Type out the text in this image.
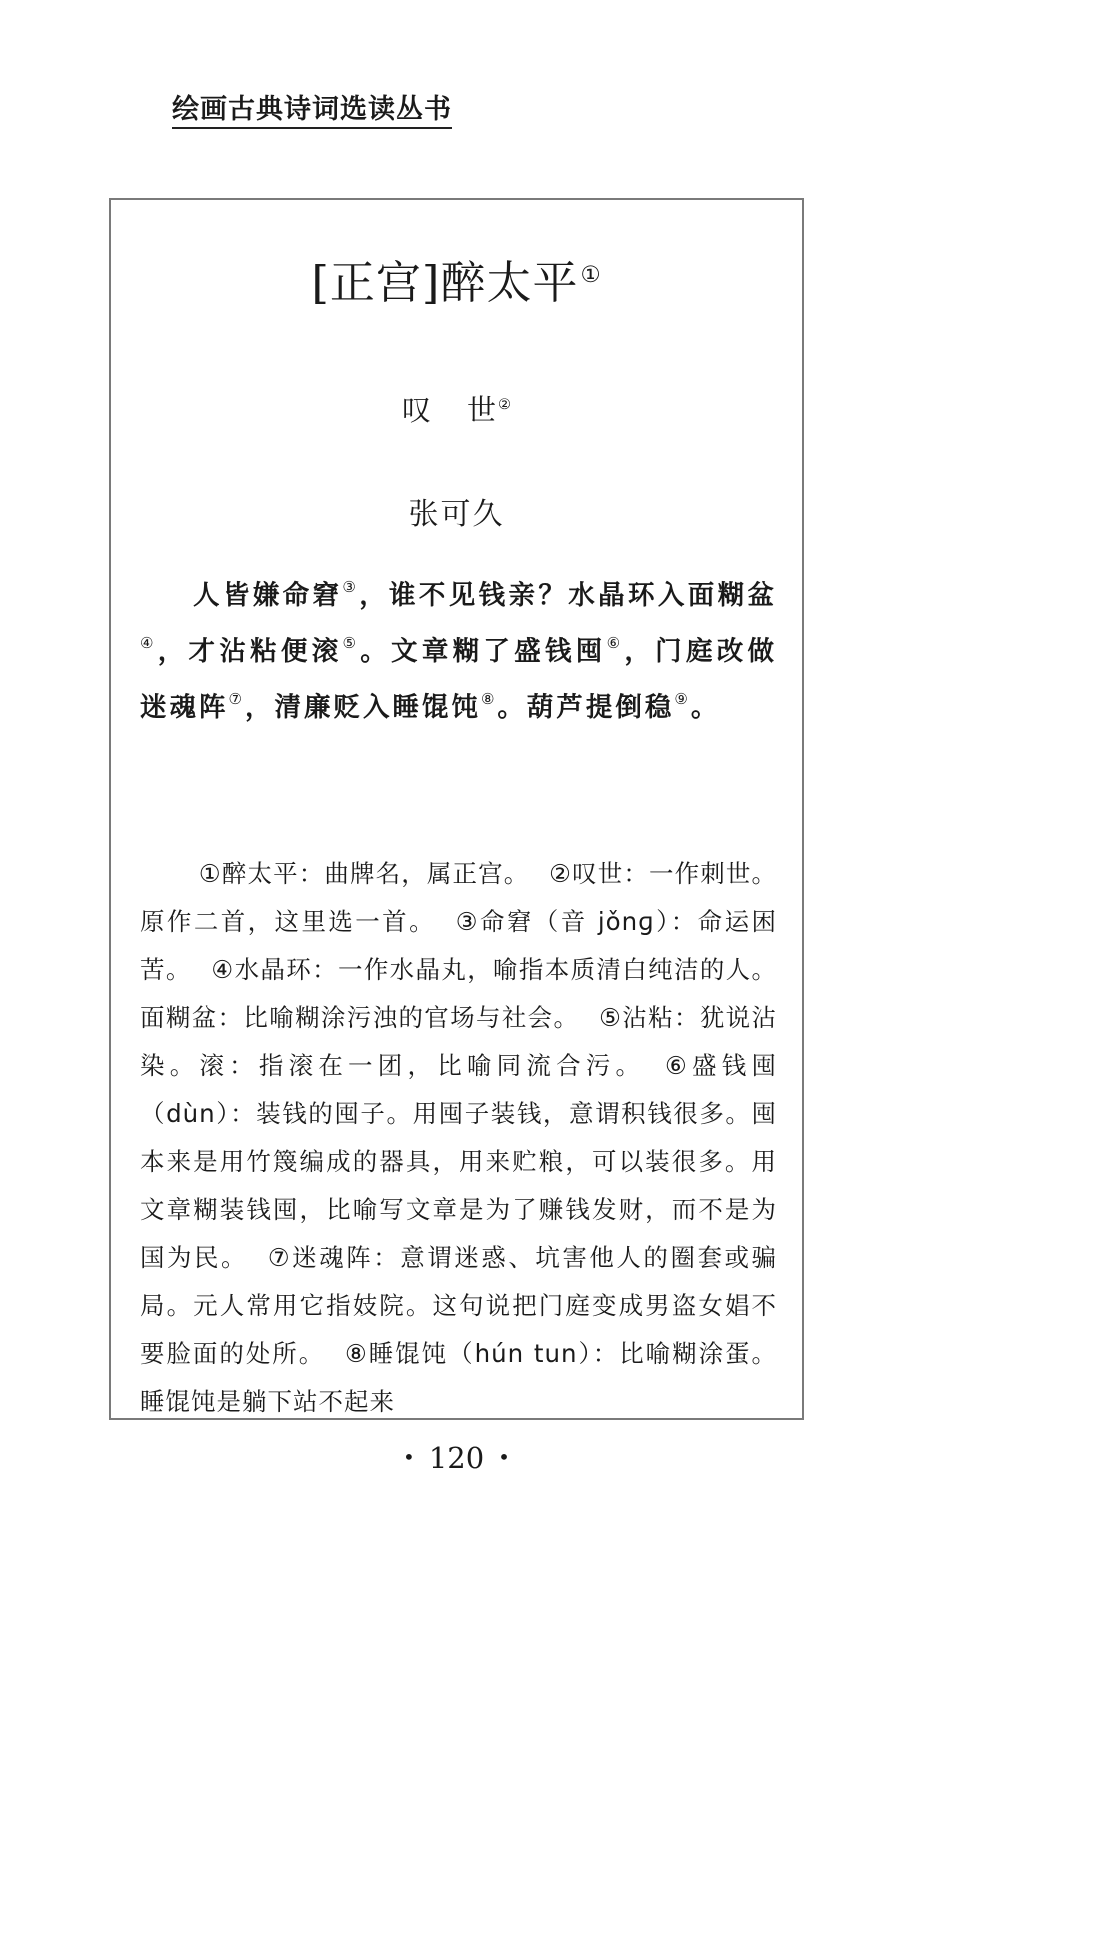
绘画古典诗词选读丛书
[正宫]醉太平①
叹 世 ②
张可久
人皆嫌命窘③，谁不见钱亲？水晶环入面糊盆④，才沾粘便滚⑤。文章糊了盛钱囤⑥，门庭改做迷魂阵⑦，清廉贬入睡馄饨⑧。葫芦提倒稳⑨。
①醉太平：曲牌名，属正宫。 ②叹世：一作刺世。原作二首，这里选一首。 ③命窘（音 jǒnɡ）：命运困苦。 ④水晶环：一作水晶丸，喻指本质清白纯洁的人。面糊盆：比喻糊涂污浊的官场与社会。 ⑤沾粘：犹说沾染。滚：指滚在一团，比喻同流合污。 ⑥盛钱囤（dùn）：装钱的囤子。用囤子装钱，意谓积钱很多。囤本来是用竹篾编成的器具，用来贮粮，可以装很多。用文章糊装钱囤，比喻写文章是为了赚钱发财，而不是为国为民。 ⑦迷魂阵：意谓迷惑、坑害他人的圈套或骗局。元人常用它指妓院。这句说把门庭变成男盗女娼不要脸面的处所。 ⑧睡馄饨（hún tun）：比喻糊涂蛋。睡馄饨是躺下站不起来
• 120 •
